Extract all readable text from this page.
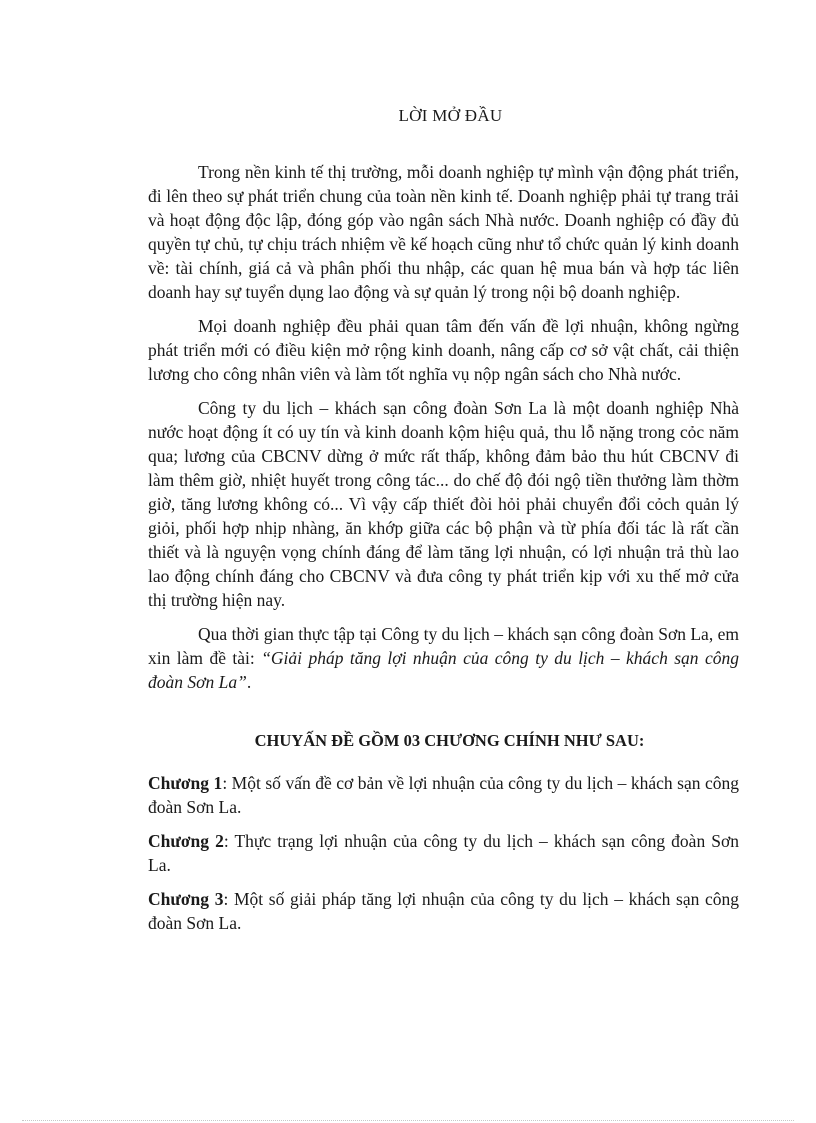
LỜI MỞ ĐẦU

Trong nền kinh tế thị trường, mỗi doanh nghiệp tự mình vận động phát triển, đi lên theo sự phát triển chung của toàn nền kinh tế. Doanh nghiệp phải tự trang trải và hoạt động độc lập, đóng góp vào ngân sách Nhà nước. Doanh nghiệp có đầy đủ quyền tự chủ, tự chịu trách nhiệm về kế hoạch cũng như tổ chức quản lý kinh doanh về: tài chính, giá cả và phân phối thu nhập, các quan hệ mua bán và hợp tác liên doanh hay sự tuyển dụng lao động và sự quản lý trong nội bộ doanh nghiệp.

Mọi doanh nghiệp đều phải quan tâm đến vấn đề lợi nhuận, không ngừng phát triển mới có điều kiện mở rộng kinh doanh, nâng cấp cơ sở vật chất, cải thiện lương cho công nhân viên và làm tốt nghĩa vụ nộp ngân sách cho Nhà nước.

Công ty du lịch – khách sạn công đoàn Sơn La là một doanh nghiệp Nhà nước hoạt động ít có uy tín và kinh doanh kộm hiệu quả, thu lỗ nặng trong cỏc năm qua; lương của CBCNV dừng ở mức rất thấp, không đảm bảo thu hút CBCNV đi làm thêm giờ, nhiệt huyết trong công tác... do chế độ đói ngộ tiền thưởng làm thờm giờ, tăng lương không có... Vì vậy cấp thiết đòi hỏi phải chuyển đổi cỏch quản lý giỏi, phối hợp nhịp nhàng, ăn khớp giữa các bộ phận và từ phía đối tác là rất cần thiết và là nguyện vọng chính đáng để làm tăng lợi nhuận, có lợi nhuận trả thù lao lao động chính đáng cho CBCNV và đưa công ty phát triển kịp với xu thế mở cửa thị trường hiện nay.

Qua thời gian thực tập tại Công ty du lịch – khách sạn công đoàn Sơn La, em xin làm đề tài: “Giải pháp tăng lợi nhuận của công ty du lịch – khách sạn công đoàn Sơn La”.

CHUYẤN ĐỀ GỒM 03 CHƯƠNG CHÍNH NHƯ SAU:

Chương 1: Một số vấn đề cơ bản về lợi nhuận của công ty du lịch – khách sạn công đoàn Sơn La.

Chương 2: Thực trạng lợi nhuận của công ty du lịch – khách sạn công đoàn Sơn La.

Chương 3: Một số giải pháp tăng lợi nhuận của công ty du lịch – khách sạn công đoàn Sơn La.
